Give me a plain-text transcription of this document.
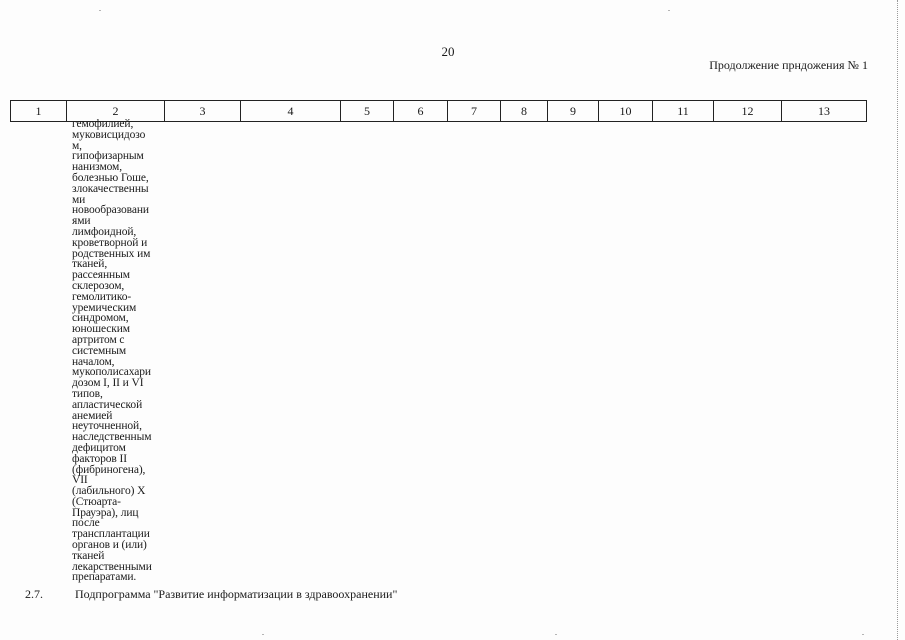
20
Продолжение прндожения № 1
1	2	3	4	5	6	7	8	9	10	11	12	13
гемофилией,
муковисцидозо
м,
гипофизарным
нанизмом,
болезнью Гоше,
злокачественны
ми
новообразовани
ями
лимфоидной,
кроветворной и
родственных им
тканей,
рассеянным
склерозом,
гемолитико-
уремическим
синдромом,
юношеским
артритом с
системным
началом,
мукополисахари
дозом I, II и VI
типов,
апластической
анемией
неуточненной,
наследственным
дефицитом
факторов II
(фибриногена),
VII
(лабильного) X
(Стюарта-
Прауэра), лиц
после
трансплантации
органов и (или)
тканей
лекарственными
препаратами.
2.7.	Подпрограмма "Развитие информатизации в здравоохранении"
